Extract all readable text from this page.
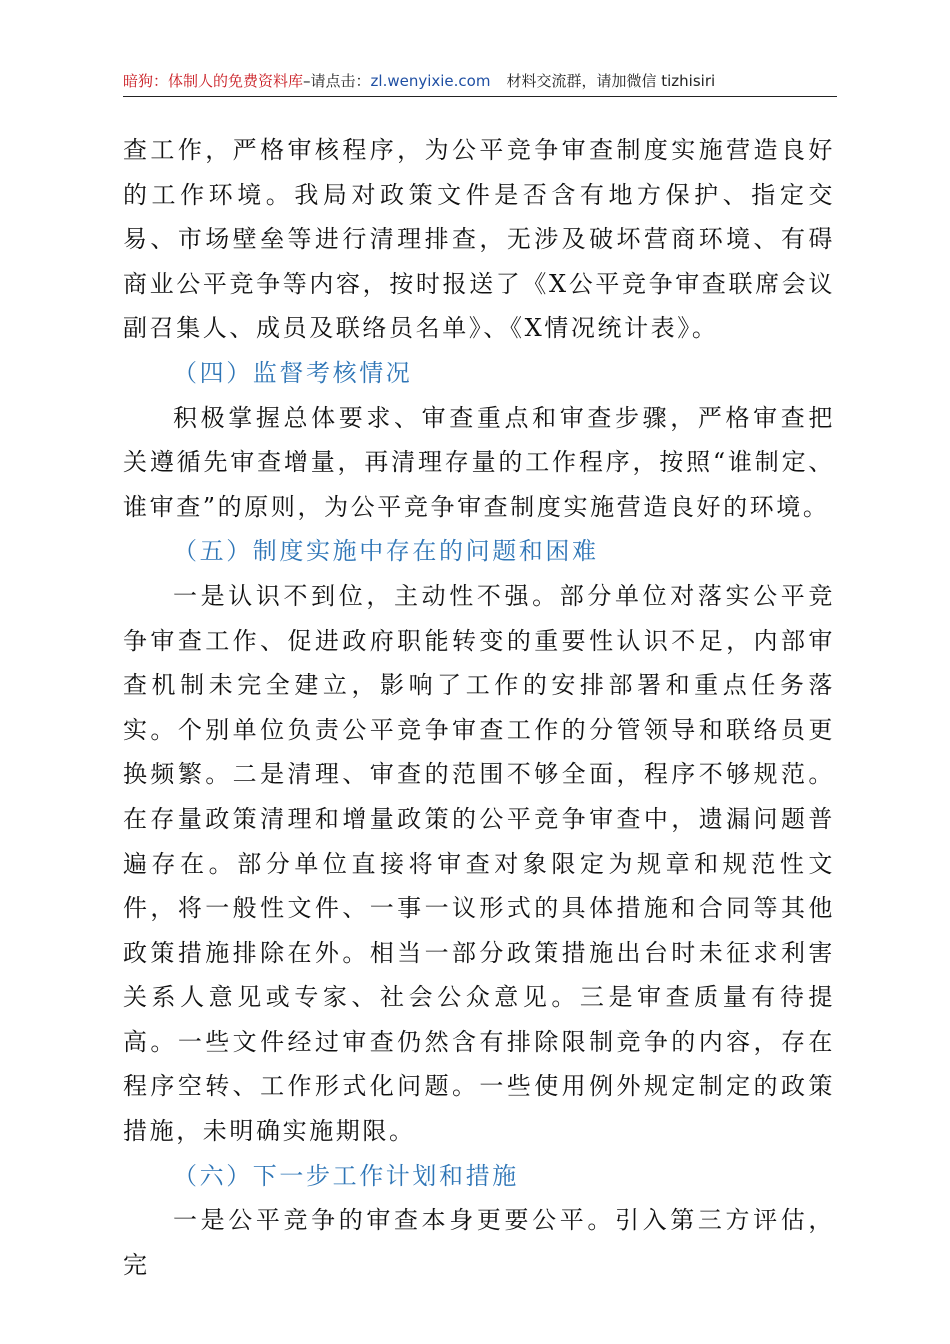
暗狗：体制人的免费资料库–请点击：zl.wenyixie.com 材料交流群，请加微信 tizhisiri

查工作，严格审核程序，为公平竞争审查制度实施营造良好的工作环境。我局对政策文件是否含有地方保护、指定交易、市场壁垒等进行清理排查，无涉及破坏营商环境、有碍商业公平竞争等内容，按时报送了《X公平竞争审查联席会议副召集人、成员及联络员名单》、《X情况统计表》。

（四）监督考核情况

积极掌握总体要求、审查重点和审查步骤，严格审查把关遵循先审查增量，再清理存量的工作程序，按照“谁制定、谁审查”的原则，为公平竞争审查制度实施营造良好的环境。

（五）制度实施中存在的问题和困难

一是认识不到位，主动性不强。部分单位对落实公平竞争审查工作、促进政府职能转变的重要性认识不足，内部审查机制未完全建立，影响了工作的安排部署和重点任务落实。个别单位负责公平竞争审查工作的分管领导和联络员更换频繁。二是清理、审查的范围不够全面，程序不够规范。在存量政策清理和增量政策的公平竞争审查中，遗漏问题普遍存在。部分单位直接将审查对象限定为规章和规范性文件，将一般性文件、一事一议形式的具体措施和合同等其他政策措施排除在外。相当一部分政策措施出台时未征求利害关系人意见或专家、社会公众意见。三是审查质量有待提高。一些文件经过审查仍然含有排除限制竞争的内容，存在程序空转、工作形式化问题。一些使用例外规定制定的政策措施，未明确实施期限。

（六）下一步工作计划和措施

一是公平竞争的审查本身更要公平。引入第三方评估，完
